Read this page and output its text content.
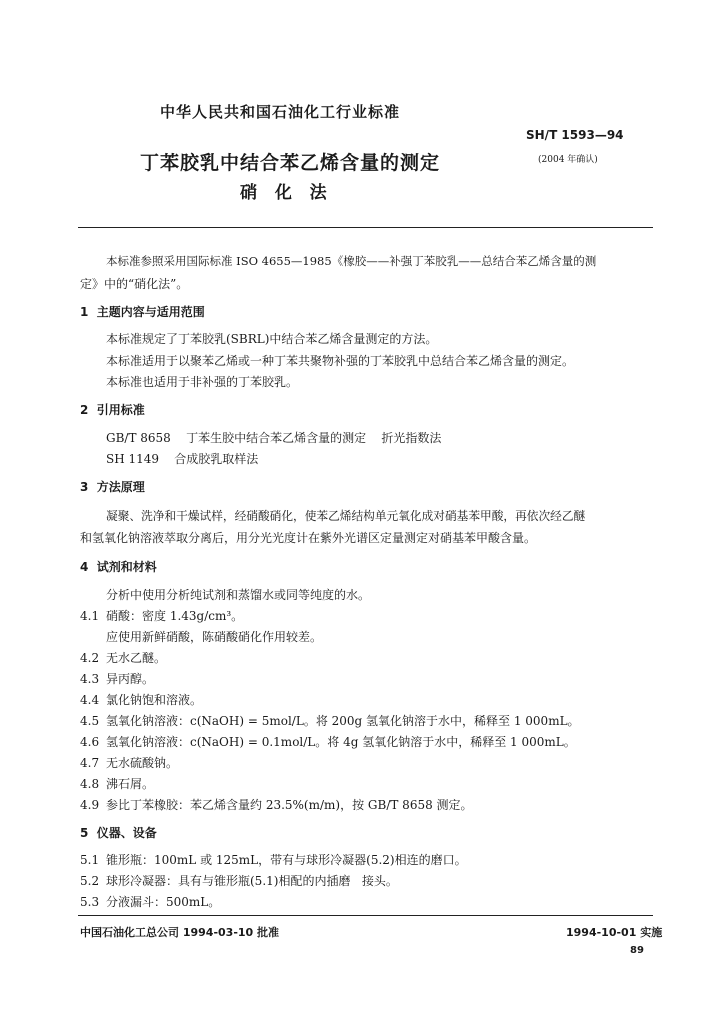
中华人民共和国石油化工行业标准
SH/T 1593—94
(2004 年确认)
丁苯胶乳中结合苯乙烯含量的测定
硝  化  法
本标准参照采用国际标准 ISO 4655—1985《橡胶——补强丁苯胶乳——总结合苯乙烯含量的测
定》中的“硝化法”。
1  主题内容与适用范围
本标准规定了丁苯胶乳(SBRL)中结合苯乙烯含量测定的方法。
本标准适用于以聚苯乙烯或一种丁苯共聚物补强的丁苯胶乳中总结合苯乙烯含量的测定。
本标准也适用于非补强的丁苯胶乳。
2  引用标准
GB/T 8658    丁苯生胶中结合苯乙烯含量的测定    折光指数法
SH 1149    合成胶乳取样法
3  方法原理
凝聚、洗净和干燥试样，经硝酸硝化，使苯乙烯结构单元氧化成对硝基苯甲酸，再依次经乙醚
和氢氧化钠溶液萃取分离后，用分光光度计在紫外光谱区定量测定对硝基苯甲酸含量。
4  试剂和材料
分析中使用分析纯试剂和蒸馏水或同等纯度的水。
4.1 硝酸：密度 1.43g/cm³。
应使用新鲜硝酸，陈硝酸硝化作用较差。
4.2 无水乙醚。
4.3 异丙醇。
4.4 氯化钠饱和溶液。
4.5 氢氧化钠溶液：c(NaOH) = 5mol/L。将 200g 氢氧化钠溶于水中，稀释至 1 000mL。
4.6 氢氧化钠溶液：c(NaOH) = 0.1mol/L。将 4g 氢氧化钠溶于水中，稀释至 1 000mL。
4.7 无水硫酸钠。
4.8 沸石屑。
4.9 参比丁苯橡胶：苯乙烯含量约 23.5%(m/m)，按 GB/T 8658 测定。
5  仪器、设备
5.1 锥形瓶：100mL 或 125mL，带有与球形冷凝器(5.2)相连的磨口。
5.2 球形冷凝器：具有与锥形瓶(5.1)相配的内插磨   接头。
5.3 分液漏斗：500mL。
中国石油化工总公司 1994-03-10 批准	1994-10-01 实施
89
